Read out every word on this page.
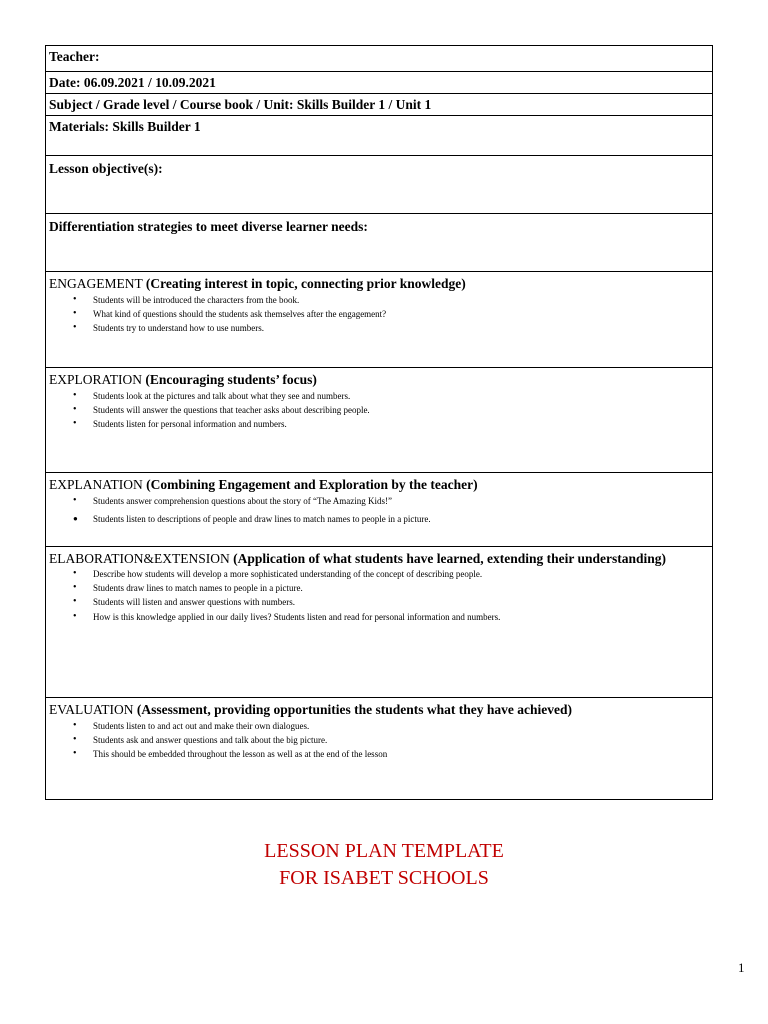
Teacher:
Date: 06.09.2021 / 10.09.2021
Subject / Grade level / Course book / Unit: Skills Builder 1 / Unit 1
Materials: Skills Builder 1
Lesson objective(s):
Differentiation strategies to meet diverse learner needs:

ENGAGEMENT (Creating interest in topic, connecting prior knowledge)
• Students will be introduced the characters from the book.
• What kind of questions should the students ask themselves after the engagement?
• Students try to understand how to use numbers.

EXPLORATION (Encouraging students’ focus)
• Students look at the pictures and talk about what they see and numbers.
• Students will answer the questions that teacher asks about describing people.
• Students listen for personal information and numbers.

EXPLANATION (Combining Engagement and Exploration by the teacher)
• Students answer comprehension questions about the story of “The Amazing Kids!”
● Students listen to descriptions of people and draw lines to match names to people in a picture.

ELABORATION&EXTENSION (Application of what students have learned, extending their understanding)
• Describe how students will develop a more sophisticated understanding of the concept of describing people.
• Students draw lines to match names to people in a picture.
• Students will listen and answer questions with numbers.
• How is this knowledge applied in our daily lives? Students listen and read for personal information and numbers.

EVALUATION (Assessment, providing opportunities the students what they have achieved)
• Students listen to and act out and make their own dialogues.
• Students ask and answer questions and talk about the big picture.
• This should be embedded throughout the lesson as well as at the end of the lesson
LESSON PLAN TEMPLATE
FOR ISABET SCHOOLS
1
